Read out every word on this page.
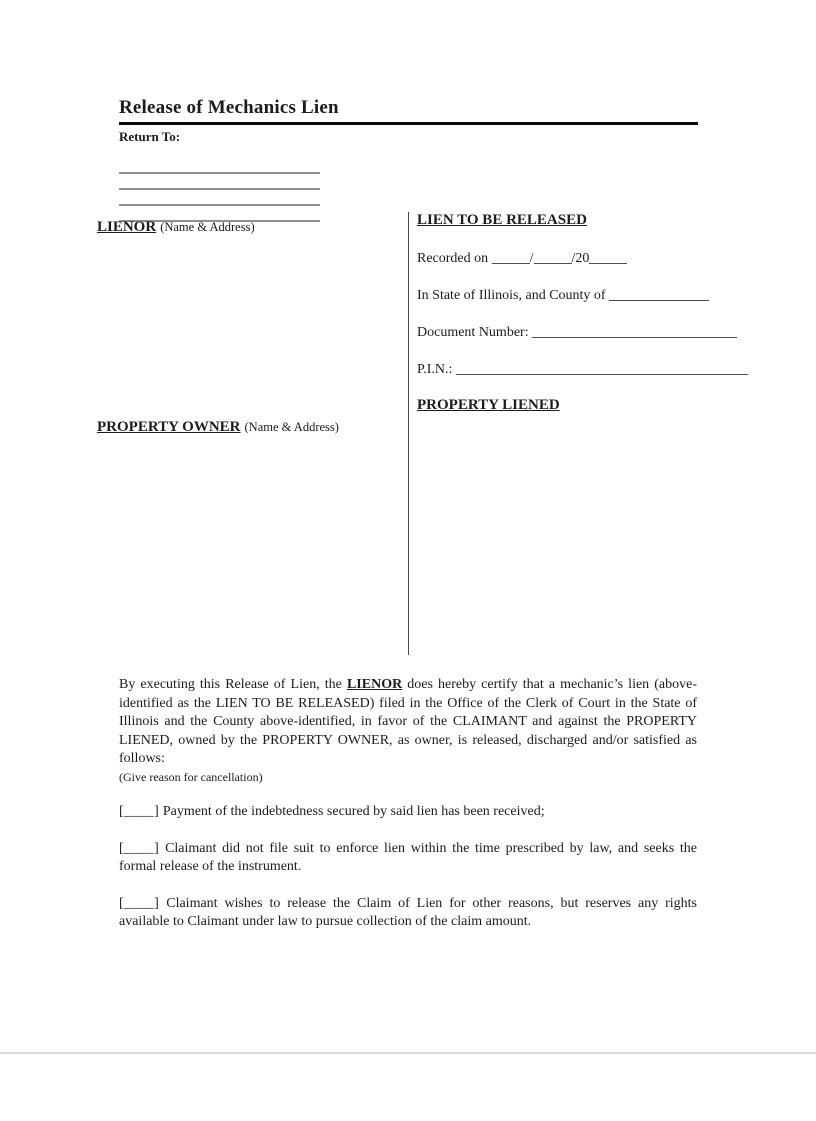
Release of Mechanics Lien
Return To:
LIENOR (Name & Address)
PROPERTY OWNER (Name & Address)
LIEN TO BE RELEASED
Recorded on	/	/20
In State of Illinois, and County of
Document Number:
P.I.N.:
PROPERTY LIENED
By executing this Release of Lien, the LIENOR does hereby certify that a mechanic’s lien (above-identified as the LIEN TO BE RELEASED) filed in the Office of the Clerk of Court in the State of Illinois and the County above-identified, in favor of the CLAIMANT and against the PROPERTY LIENED, owned by the PROPERTY OWNER, as owner, is released, discharged and/or satisfied as follows:
(Give reason for cancellation)
[____] Payment of the indebtedness secured by said lien has been received;
[____] Claimant did not file suit to enforce lien within the time prescribed by law, and seeks the formal release of the instrument.
[____] Claimant wishes to release the Claim of Lien for other reasons, but reserves any rights available to Claimant under law to pursue collection of the claim amount.
